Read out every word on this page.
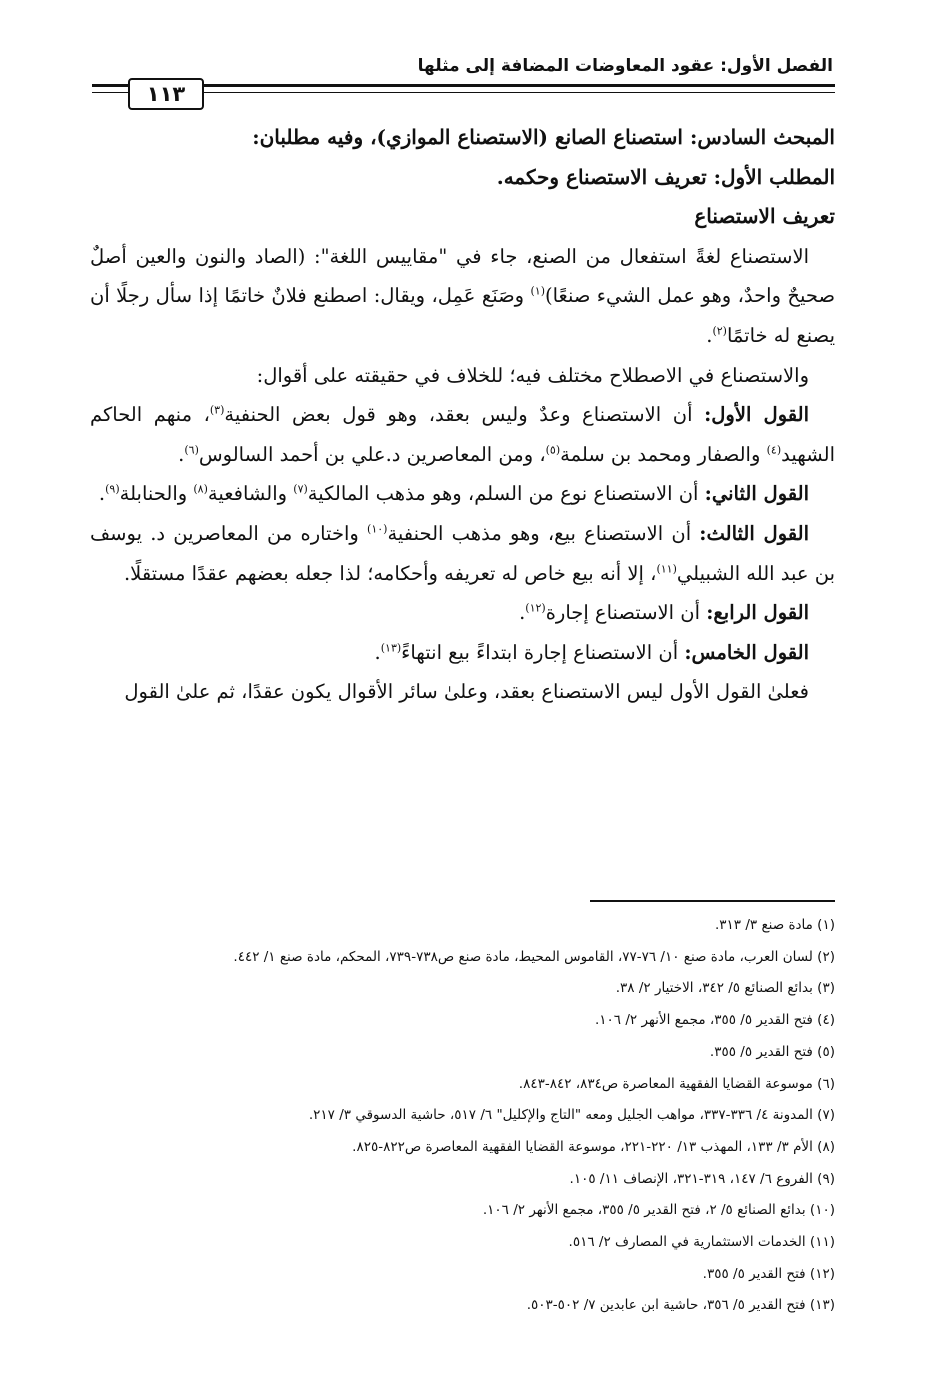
الفصل الأول: عقود المعاوضات المضافة إلى مثلها
١١٣

المبحث السادس: استصناع الصانع (الاستصناع الموازي)، وفيه مطلبان:

المطلب الأول: تعريف الاستصناع وحكمه.

تعريف الاستصناع

الاستصناع لغةً استفعال من الصنع، جاء في "مقاييس اللغة": (الصاد والنون والعين أصلٌ صحيحٌ واحدٌ، وهو عمل الشيء صنعًا)$^{(١)}$ وصَنَع عَمِل، ويقال: اصطنع فلانٌ خاتمًا إذا سأل رجلًا أن يصنع له خاتمًا$^{(٢)}$.

والاستصناع في الاصطلاح مختلف فيه؛ للخلاف في حقيقته على أقوال:

القول الأول: أن الاستصناع وعدٌ وليس بعقد، وهو قول بعض الحنفية$^{(٣)}$، منهم الحاكم الشهيد$^{(٤)}$ والصفار ومحمد بن سلمة$^{(٥)}$، ومن المعاصرين د.علي بن أحمد السالوس$^{(٦)}$.

القول الثاني: أن الاستصناع نوع من السلم، وهو مذهب المالكية$^{(٧)}$ والشافعية$^{(٨)}$ والحنابلة$^{(٩)}$.

القول الثالث: أن الاستصناع بيع، وهو مذهب الحنفية$^{(١٠)}$ واختاره من المعاصرين د. يوسف بن عبد الله الشبيلي$^{(١١)}$، إلا أنه بيع خاص له تعريفه وأحكامه؛ لذا جعله بعضهم عقدًا مستقلًا.

القول الرابع: أن الاستصناع إجارة$^{(١٢)}$.

القول الخامس: أن الاستصناع إجارة ابتداءً بيع انتهاءً$^{(١٣)}$.

فعلىٰ القول الأول ليس الاستصناع بعقد، وعلىٰ سائر الأقوال يكون عقدًا، ثم علىٰ القول

(١) مادة صنع ٣/ ٣١٣.

(٢) لسان العرب، مادة صنع ١٠/ ٧٦-٧٧، القاموس المحيط، مادة صنع ص٧٣٨-٧٣٩، المحكم، مادة صنع ١/ ٤٤٢.

(٣) بدائع الصنائع ٥/ ٣٤٢، الاختيار ٢/ ٣٨.

(٤) فتح القدير ٥/ ٣٥٥، مجمع الأنهر ٢/ ١٠٦.

(٥) فتح القدير ٥/ ٣٥٥.

(٦) موسوعة القضايا الفقهية المعاصرة ص٨٣٤، ٨٤٢-٨٤٣.

(٧) المدونة ٤/ ٣٣٦-٣٣٧، مواهب الجليل ومعه "التاج والإكليل" ٦/ ٥١٧، حاشية الدسوقي ٣/ ٢١٧.

(٨) الأم ٣/ ١٣٣، المهذب ١٣/ ٢٢٠-٢٢١، موسوعة القضايا الفقهية المعاصرة ص٨٢٢-٨٢٥.

(٩) الفروع ٦/ ١٤٧، ٣١٩-٣٢١، الإنصاف ١١/ ١٠٥.

(١٠) بدائع الصنائع ٥/ ٢، فتح القدير ٥/ ٣٥٥، مجمع الأنهر ٢/ ١٠٦.

(١١) الخدمات الاستثمارية في المصارف ٢/ ٥١٦.

(١٢) فتح القدير ٥/ ٣٥٥.

(١٣) فتح القدير ٥/ ٣٥٦، حاشية ابن عابدين ٧/ ٥٠٢-٥٠٣.
